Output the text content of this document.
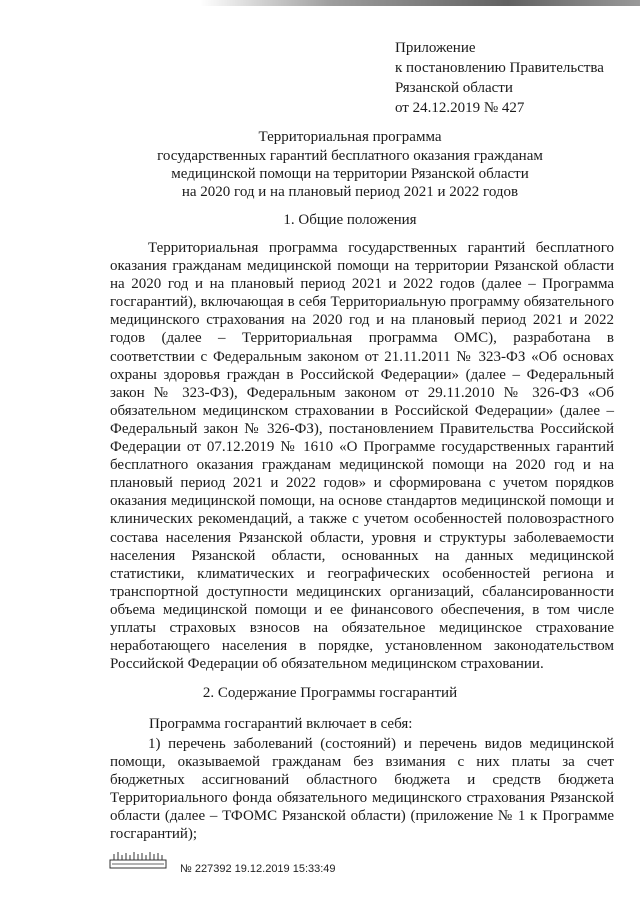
Приложение
к постановлению Правительства
Рязанской области
от 24.12.2019 № 427
Территориальная программа
государственных гарантий бесплатного оказания гражданам
медицинской помощи на территории Рязанской области
на 2020 год и на плановый период 2021 и 2022 годов
1. Общие положения
Территориальная программа государственных гарантий бесплатного оказания гражданам медицинской помощи на территории Рязанской области на 2020 год и на плановый период 2021 и 2022 годов (далее – Программа госгарантий), включающая в себя Территориальную программу обязательного медицинского страхования на 2020 год и на плановый период 2021 и 2022 годов (далее – Территориальная программа ОМС), разработана в соответствии с Федеральным законом от 21.11.2011 № 323-ФЗ «Об основах охраны здоровья граждан в Российской Федерации» (далее – Федеральный закон № 323-ФЗ), Федеральным законом от 29.11.2010 № 326-ФЗ «Об обязательном медицинском страховании в Российской Федерации» (далее – Федеральный закон № 326-ФЗ), постановлением Правительства Российской Федерации от 07.12.2019 № 1610 «О Программе государственных гарантий бесплатного оказания гражданам медицинской помощи на 2020 год и на плановый период 2021 и 2022 годов» и сформирована с учетом порядков оказания медицинской помощи, на основе стандартов медицинской помощи и клинических рекомендаций, а также с учетом особенностей половозрастного состава населения Рязанской области, уровня и структуры заболеваемости населения Рязанской области, основанных на данных медицинской статистики, климатических и географических особенностей региона и транспортной доступности медицинских организаций, сбалансированности объема медицинской помощи и ее финансового обеспечения, в том числе уплаты страховых взносов на обязательное медицинское страхование неработающего населения в порядке, установленном законодательством Российской Федерации об обязательном медицинском страховании.
2. Содержание Программы госгарантий
Программа госгарантий включает в себя:
1) перечень заболеваний (состояний) и перечень видов медицинской помощи, оказываемой гражданам без взимания с них платы за счет бюджетных ассигнований областного бюджета и средств бюджета Территориального фонда обязательного медицинского страхования Рязанской области (далее – ТФОМС Рязанской области) (приложение № 1 к Программе госгарантий);
№ 227392 19.12.2019 15:33:49
